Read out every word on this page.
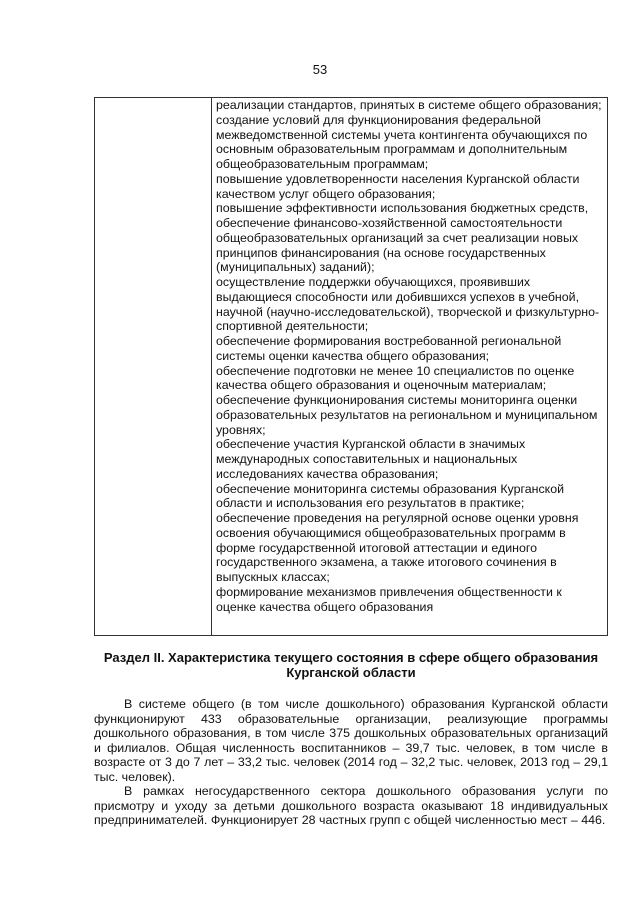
53
реализации стандартов, принятых в системе общего образования;
создание условий для функционирования федеральной межведомственной системы учета контингента обучающихся по основным образовательным программам и дополнительным общеобразовательным программам;
повышение удовлетворенности населения Курганской области качеством услуг общего образования;
повышение эффективности использования бюджетных средств, обеспечение финансово-хозяйственной самостоятельности общеобразовательных организаций за счет реализации новых принципов финансирования (на основе государственных (муниципальных) заданий);
осуществление поддержки обучающихся, проявивших выдающиеся способности или добившихся успехов в учебной, научной (научно-исследовательской), творческой и физкультурно-спортивной деятельности;
обеспечение формирования востребованной региональной системы оценки качества общего образования;
обеспечение подготовки не менее 10 специалистов по оценке качества общего образования и оценочным материалам;
обеспечение функционирования системы мониторинга оценки образовательных результатов на региональном и муниципальном уровнях;
обеспечение участия Курганской области в значимых международных сопоставительных и национальных исследованиях качества образования;
обеспечение мониторинга системы образования Курганской области и использования его результатов в практике;
обеспечение проведения на регулярной основе оценки уровня освоения обучающимися общеобразовательных программ в форме государственной итоговой аттестации и единого государственного экзамена, а также итогового сочинения в выпускных классах;
формирование механизмов привлечения общественности к оценке качества общего образования
Раздел II. Характеристика текущего состояния в сфере общего образования Курганской области

В системе общего (в том числе дошкольного) образования Курганской области функционируют 433 образовательные организации, реализующие программы дошкольного образования, в том числе 375 дошкольных образовательных организаций и филиалов. Общая численность воспитанников – 39,7 тыс. человек, в том числе в возрасте от 3 до 7 лет – 33,2 тыс. человек (2014 год – 32,2 тыс. человек, 2013 год – 29,1 тыс. человек).

В рамках негосударственного сектора дошкольного образования услуги по присмотру и уходу за детьми дошкольного возраста оказывают 18 индивидуальных предпринимателей. Функционирует 28 частных групп с общей численностью мест – 446.
